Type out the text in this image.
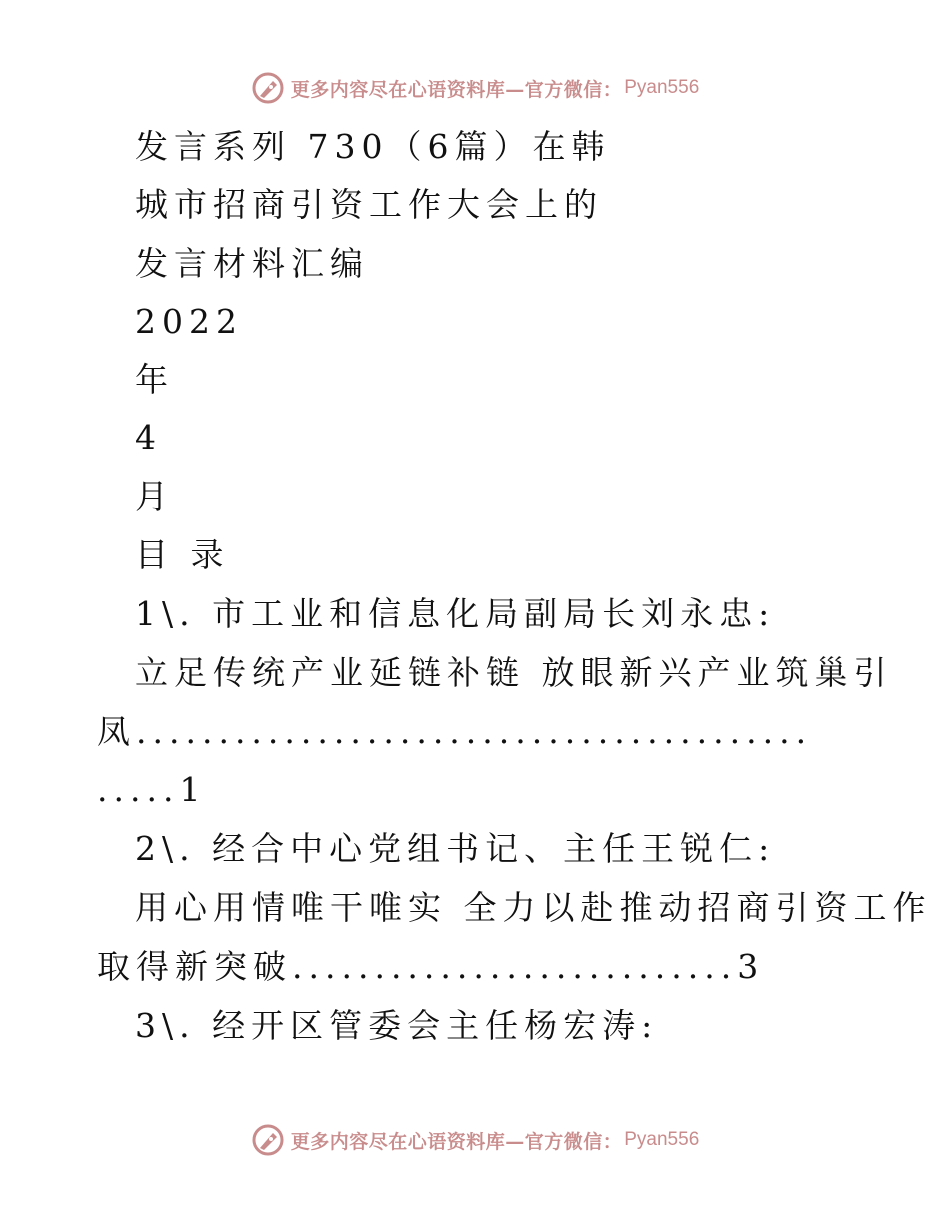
更多内容尽在心语资料库—官方微信： Pyan556
发言系列 730（6篇）在韩
城市招商引资工作大会上的
发言材料汇编
2022
年
4
月
目 录
1\. 市工业和信息化局副局长刘永忠:
立足传统产业延链补链 放眼新兴产业筑巢引
凤.........................................
.....1
2\. 经合中心党组书记、主任王锐仁:
用心用情唯干唯实 全力以赴推动招商引资工作
取得新突破...........................3
3\. 经开区管委会主任杨宏涛:
更多内容尽在心语资料库—官方微信： Pyan556
